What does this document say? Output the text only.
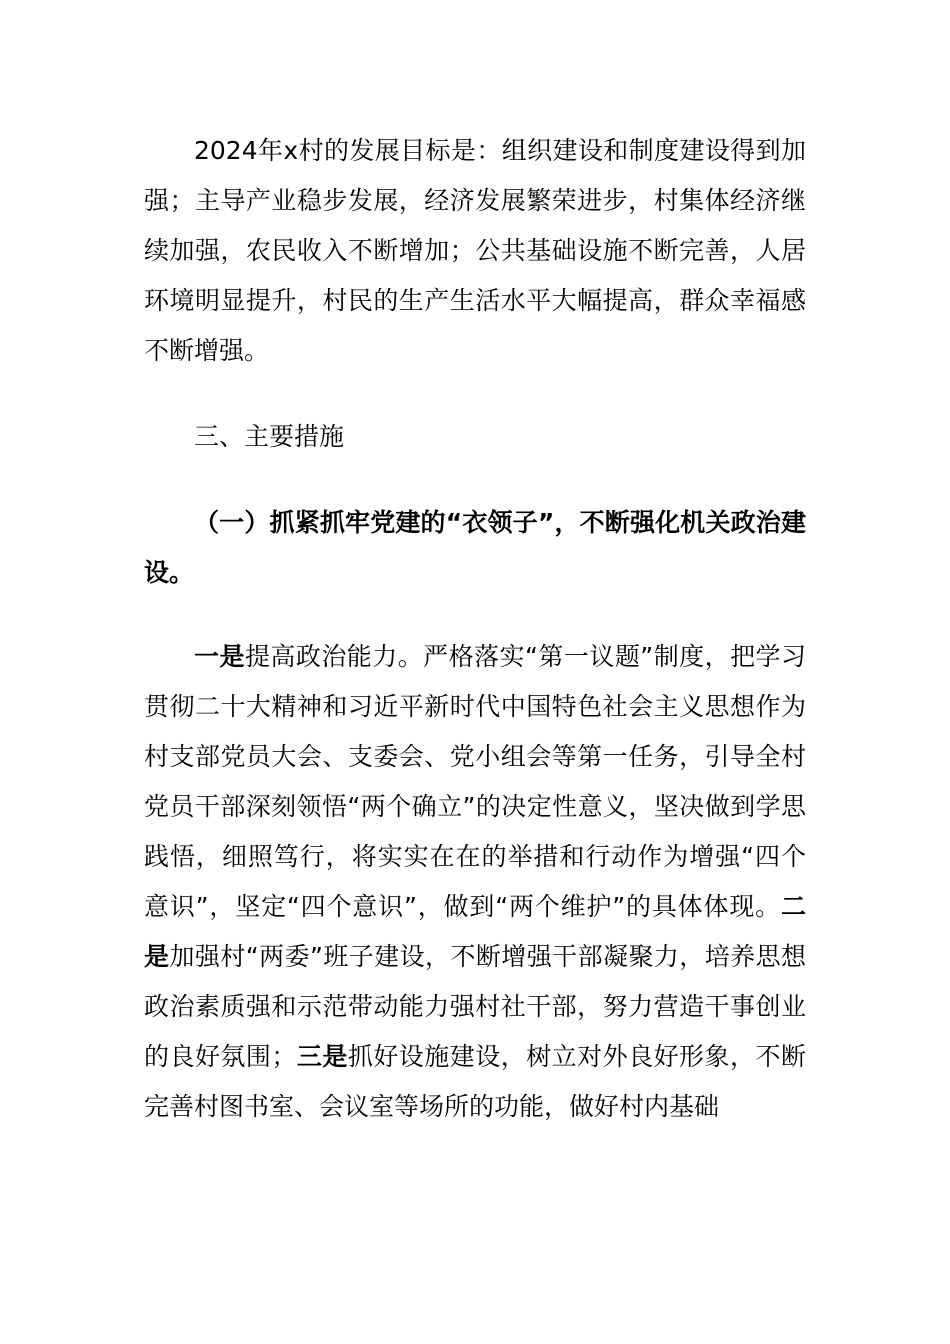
2024年x村的发展目标是：组织建设和制度建设得到加强；主导产业稳步发展，经济发展繁荣进步，村集体经济继续加强，农民收入不断增加；公共基础设施不断完善，人居环境明显提升，村民的生产生活水平大幅提高，群众幸福感不断增强。

三、主要措施

（一）抓紧抓牢党建的“衣领子”，不断强化机关政治建设。

一是提高政治能力。严格落实“第一议题”制度，把学习贯彻二十大精神和习近平新时代中国特色社会主义思想作为村支部党员大会、支委会、党小组会等第一任务，引导全村党员干部深刻领悟“两个确立”的决定性意义，坚决做到学思践悟，细照笃行，将实实在在的举措和行动作为增强“四个意识”，坚定“四个意识”，做到“两个维护”的具体体现。二是加强村“两委”班子建设，不断增强干部凝聚力，培养思想政治素质强和示范带动能力强村社干部，努力营造干事创业的良好氛围；三是抓好设施建设，树立对外良好形象，不断完善村图书室、会议室等场所的功能，做好村内基础
